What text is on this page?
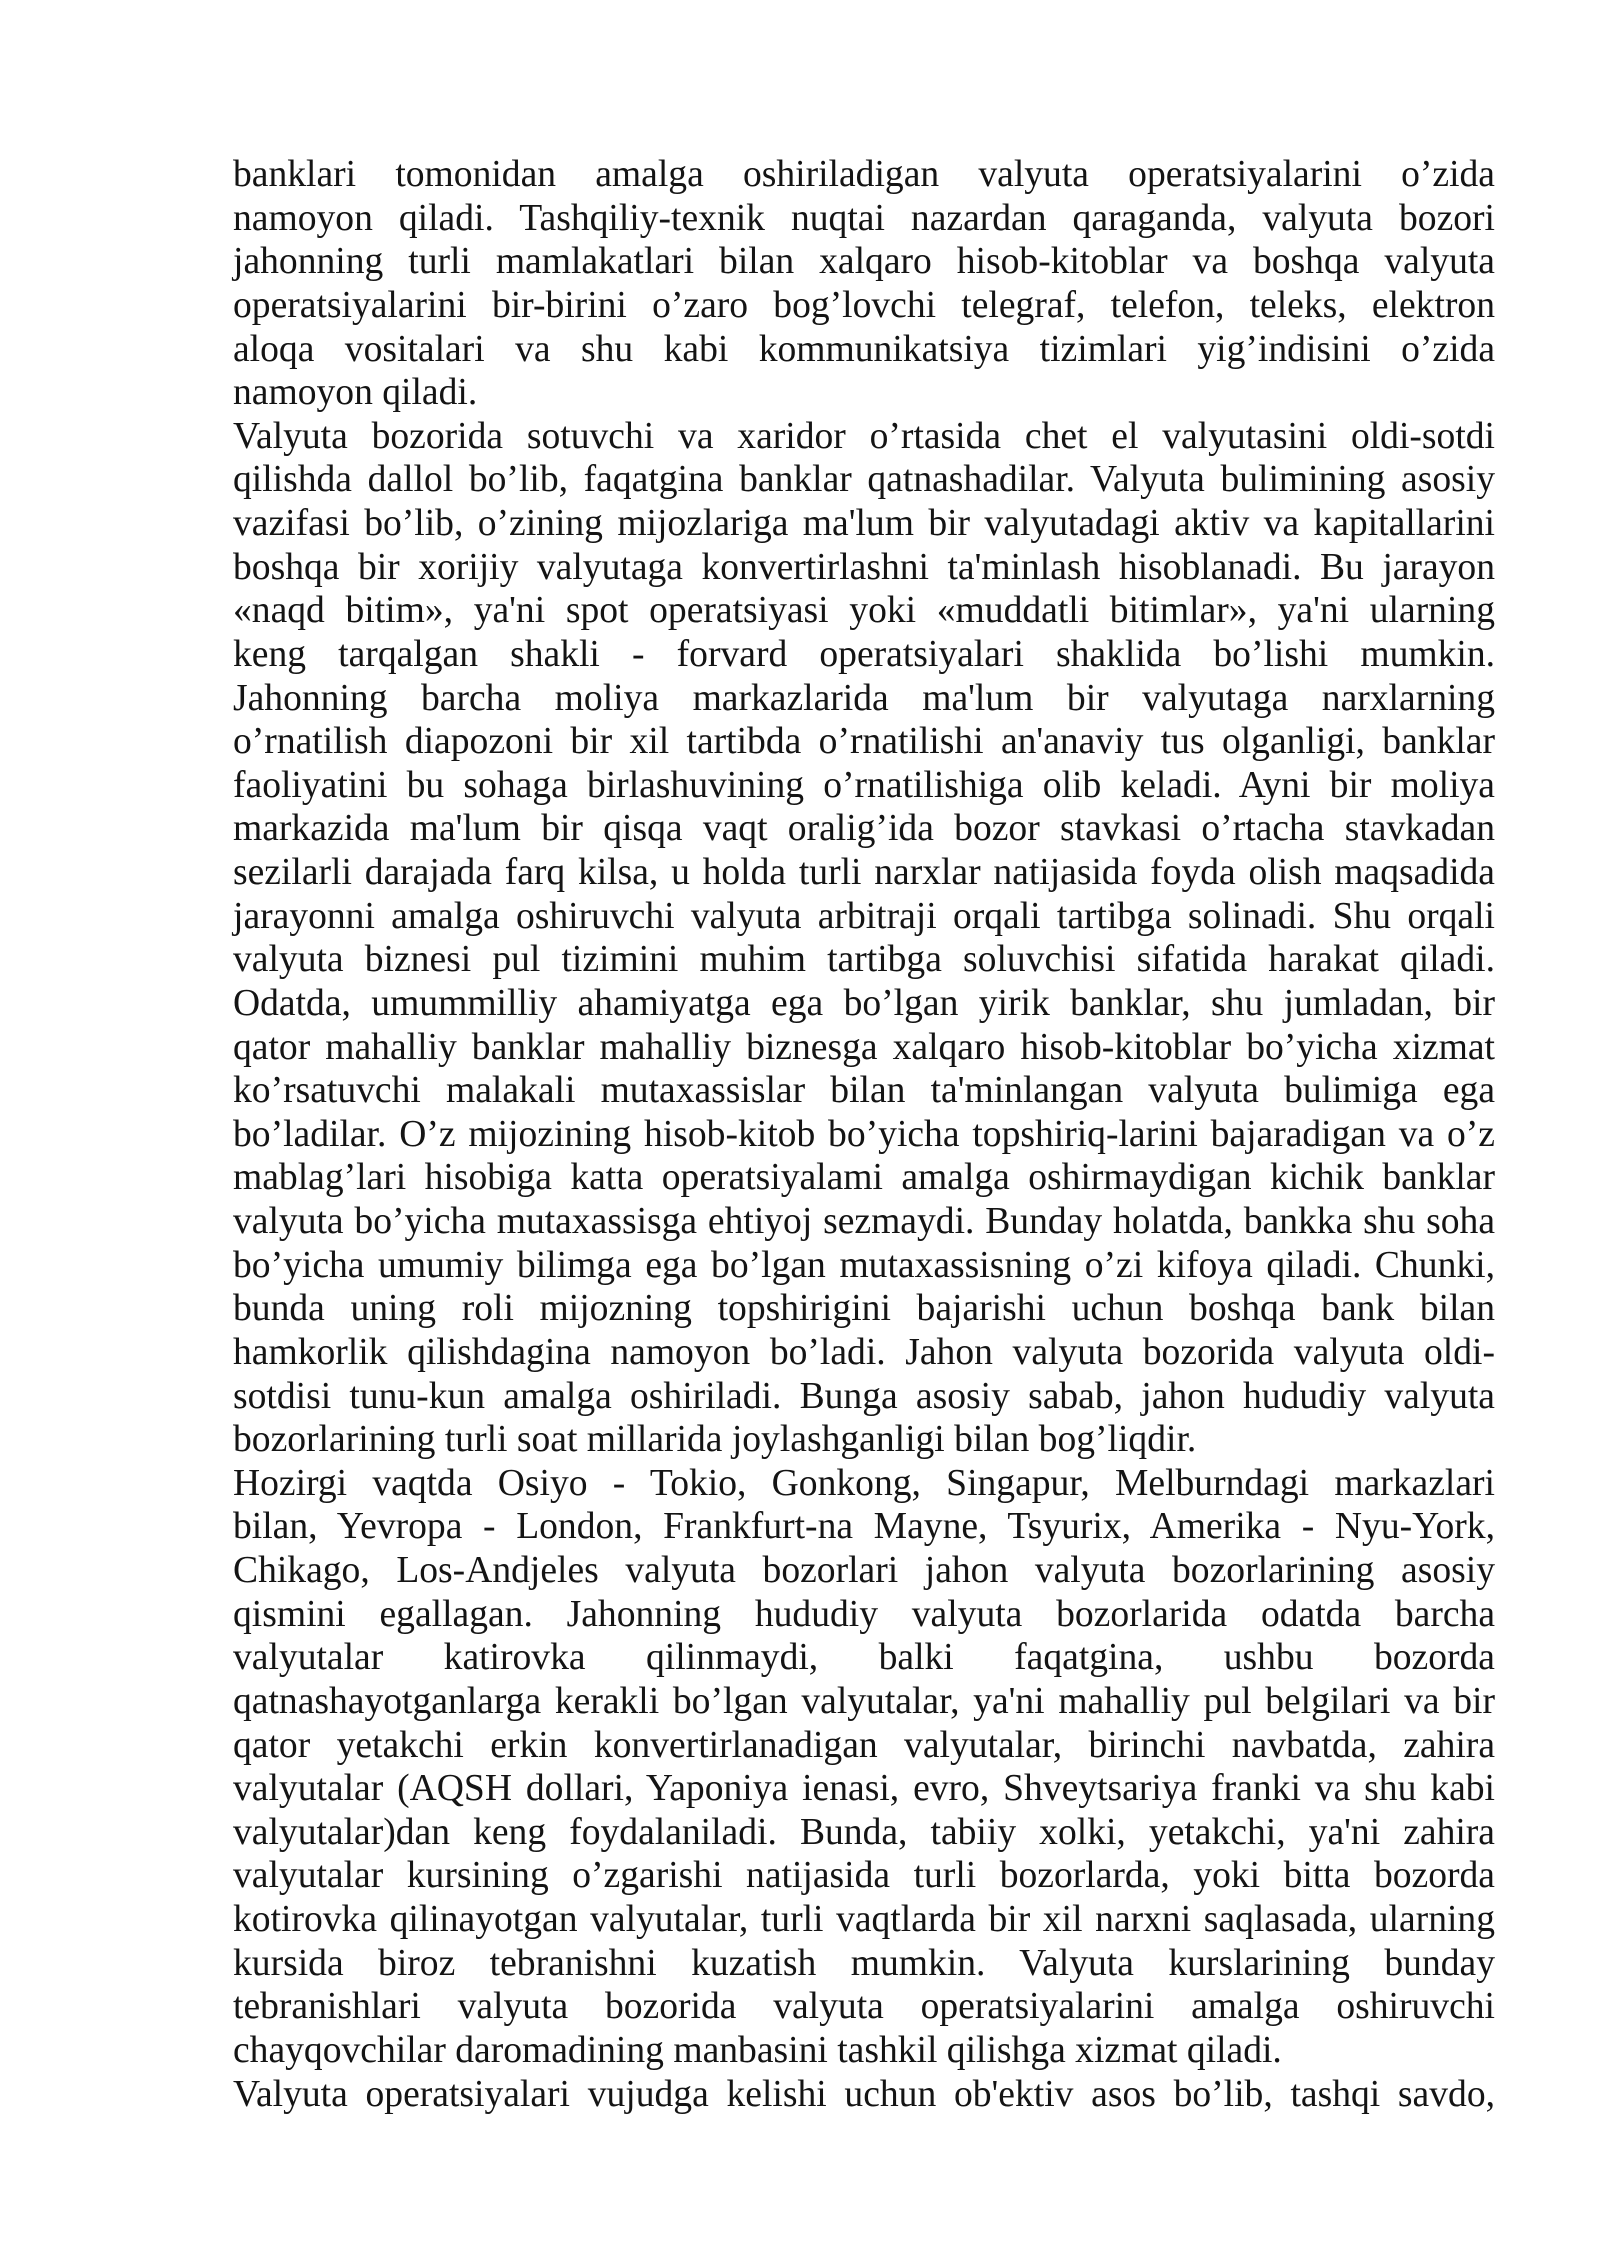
banklari tomonidan amalga oshiriladigan valyuta operatsiyalarini o’zida
namoyon qiladi. Tashqiliy-texnik nuqtai nazardan qaraganda, valyuta bozori
jahonning turli mamlakatlari bilan xalqaro hisob-kitoblar va boshqa valyuta
operatsiyalarini bir-birini o’zaro bog’lovchi telegraf, telefon, teleks, elektron
aloqa vositalari va shu kabi kommunikatsiya tizimlari yig’indisini o’zida
namoyon qiladi.
Valyuta bozorida sotuvchi va xaridor o’rtasida chet el valyutasini oldi-sotdi
qilishda dallol bo’lib, faqatgina banklar qatnashadilar. Valyuta bulimining asosiy
vazifasi bo’lib, o’zining mijozlariga ma'lum bir valyutadagi aktiv va kapitallarini
boshqa bir xorijiy valyutaga konvertirlashni ta'minlash hisoblanadi. Bu jarayon
«naqd bitim», ya'ni spot operatsiyasi yoki «muddatli bitimlar», ya'ni ularning
keng tarqalgan shakli - forvard operatsiyalari shaklida bo’lishi mumkin.
Jahonning barcha moliya markazlarida ma'lum bir valyutaga narxlarning
o’rnatilish diapozoni bir xil tartibda o’rnatilishi an'anaviy tus olganligi, banklar
faoliyatini bu sohaga birlashuvining o’rnatilishiga olib keladi. Ayni bir moliya
markazida ma'lum bir qisqa vaqt oralig’ida bozor stavkasi o’rtacha stavkadan
sezilarli darajada farq kilsa, u holda turli narxlar natijasida foyda olish maqsadida
jarayonni amalga oshiruvchi valyuta arbitraji orqali tartibga solinadi. Shu orqali
valyuta biznesi pul tizimini muhim tartibga soluvchisi sifatida harakat qiladi.
Odatda, umummilliy ahamiyatga ega bo’lgan yirik banklar, shu jumladan, bir
qator mahalliy banklar mahalliy biznesga xalqaro hisob-kitoblar bo’yicha xizmat
ko’rsatuvchi malakali mutaxassislar bilan ta'minlangan valyuta bulimiga ega
bo’ladilar. O’z mijozining hisob-kitob bo’yicha topshiriq-larini bajaradigan va o’z
mablag’lari hisobiga katta operatsiyalami amalga oshirmaydigan kichik banklar
valyuta bo’yicha mutaxassisga ehtiyoj sezmaydi. Bunday holatda, bankka shu soha
bo’yicha umumiy bilimga ega bo’lgan mutaxassisning o’zi kifoya qiladi. Chunki,
bunda uning roli mijozning topshirigini bajarishi uchun boshqa bank bilan
hamkorlik qilishdagina namoyon bo’ladi. Jahon valyuta bozorida valyuta oldi-
sotdisi tunu-kun amalga oshiriladi. Bunga asosiy sabab, jahon hududiy valyuta
bozorlarining turli soat millarida joylashganligi bilan bog’liqdir.
Hozirgi vaqtda Osiyo - Tokio, Gonkong, Singapur, Melburndagi markazlari
bilan, Yevropa - London, Frankfurt-na Mayne, Tsyurix, Amerika - Nyu-York,
Chikago, Los-Andjeles valyuta bozorlari jahon valyuta bozorlarining asosiy
qismini egallagan. Jahonning hududiy valyuta bozorlarida odatda barcha
valyutalar katirovka qilinmaydi, balki faqatgina, ushbu bozorda
qatnashayotganlarga kerakli bo’lgan valyutalar, ya'ni mahalliy pul belgilari va bir
qator yetakchi erkin konvertirlanadigan valyutalar, birinchi navbatda, zahira
valyutalar (AQSH dollari, Yaponiya ienasi, evro, Shveytsariya franki va shu kabi
valyutalar)dan keng foydalaniladi. Bunda, tabiiy xolki, yetakchi, ya'ni zahira
valyutalar kursining o’zgarishi natijasida turli bozorlarda, yoki bitta bozorda
kotirovka qilinayotgan valyutalar, turli vaqtlarda bir xil narxni saqlasada, ularning
kursida biroz tebranishni kuzatish mumkin. Valyuta kurslarining bunday
tebranishlari valyuta bozorida valyuta operatsiyalarini amalga oshiruvchi
chayqovchilar daromadining manbasini tashkil qilishga xizmat qiladi.
Valyuta operatsiyalari vujudga kelishi uchun ob'ektiv asos bo’lib, tashqi savdo,
